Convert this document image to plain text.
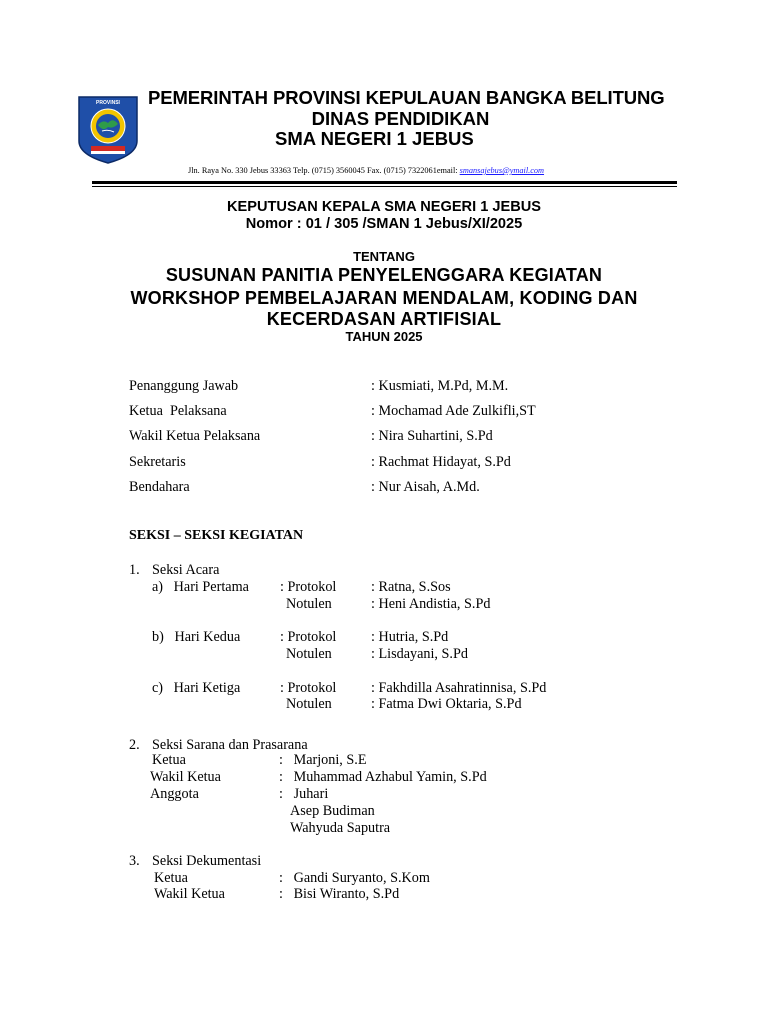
PROVINSI PEMERINTAH PROVINSI KEPULAUAN BANGKA BELITUNG
DINAS PENDIDIKAN
SMA NEGERI 1 JEBUS
Jln. Raya No. 330 Jebus 33363 Telp. (0715) 3560045 Fax. (0715) 7322061email: smansajebus@ymail.com
KEPUTUSAN KEPALA SMA NEGERI 1 JEBUS
Nomor : 01 / 305 /SMAN 1 Jebus/XI/2025
TENTANG
SUSUNAN PANITIA PENYELENGGARA KEGIATAN
WORKSHOP PEMBELAJARAN MENDALAM, KODING DAN
KECERDASAN ARTIFISIAL
TAHUN 2025
Penanggung Jawab	: Kusmiati, M.Pd, M.M.
Ketua  Pelaksana	: Mochamad Ade Zulkifli,ST
Wakil Ketua Pelaksana	: Nira Suhartini, S.Pd
Sekretaris	: Rachmat Hidayat, S.Pd
Bendahara	: Nur Aisah, A.Md.
SEKSI – SEKSI KEGIATAN
1. Seksi Acara
a)   Hari Pertama : Protokol : Ratna, S.Sos
Notulen	: Heni Andistia, S.Pd
b)   Hari Kedua	: Protokol : Hutria, S.Pd
Notulen	: Lisdayani, S.Pd
c)   Hari Ketiga	: Protokol : Fakhdilla Asahratinnisa, S.Pd
Notulen	: Fatma Dwi Oktaria, S.Pd
2. Seksi Sarana dan Prasarana
Ketua	:   Marjoni, S.E
Wakil Ketua	:   Muhammad Azhabul Yamin, S.Pd
Anggota	:   Juhari
Asep Budiman
Wahyuda Saputra
3. Seksi Dekumentasi
Ketua	:   Gandi Suryanto, S.Kom
Wakil Ketua	:   Bisi Wiranto, S.Pd
